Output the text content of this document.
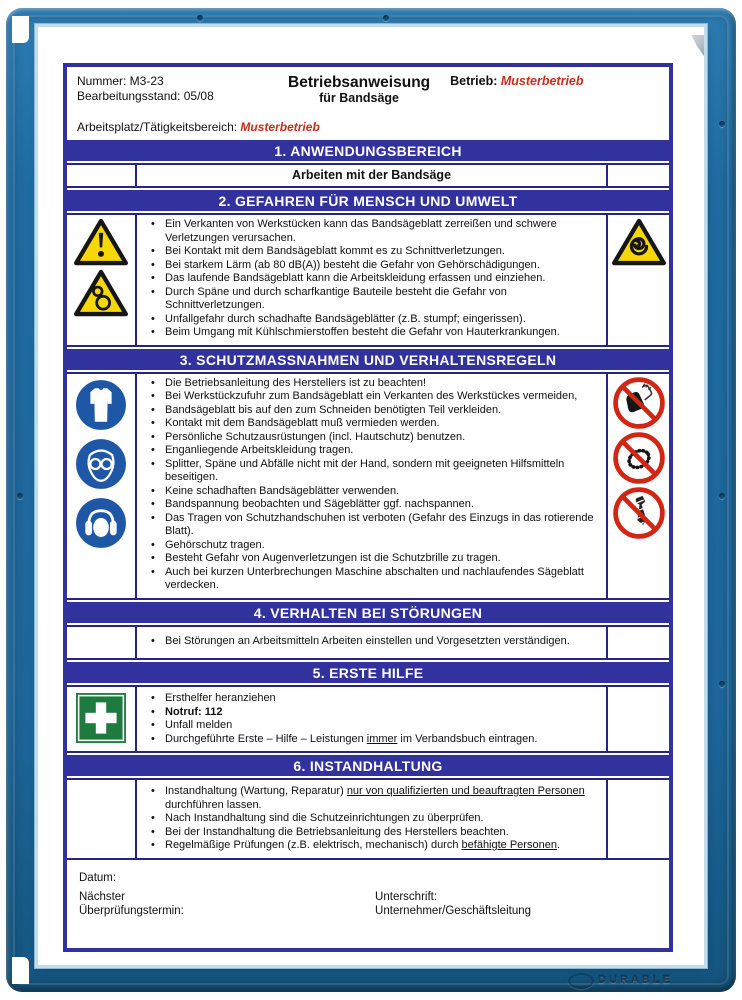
DURABLE
Nummer: M3-23
Bearbeitungsstand: 05/08
Betriebsanweisung
für Bandsäge
Betrieb: Musterbetrieb
Arbeitsplatz/Tätigkeitsbereich: Musterbetrieb
1. ANWENDUNGSBEREICH
Arbeiten mit der Bandsäge
2. GEFAHREN FÜR MENSCH UND UMWELT
• Ein Verkanten von Werkstücken kann das Bandsägeblatt zerreißen und schwere Verletzungen verursachen.
• Bei Kontakt mit dem Bandsägeblatt kommt es zu Schnittverletzungen.
• Bei starkem Lärm (ab 80 dB(A)) besteht die Gefahr von Gehörschädigungen.
• Das laufende Bandsägeblatt kann die Arbeitskleidung erfassen und einziehen.
• Durch Späne und durch scharfkantige Bauteile besteht die Gefahr von Schnittverletzungen.
• Unfallgefahr durch schadhafte Bandsägeblätter (z.B. stumpf; eingerissen).
• Beim Umgang mit Kühlschmierstoffen besteht die Gefahr von Hauterkrankungen.
3. SCHUTZMASSNAHMEN UND VERHALTENSREGELN
• Die Betriebsanleitung des Herstellers ist zu beachten!
• Bei Werkstückzufuhr zum Bandsägeblatt ein Verkanten des Werkstückes vermeiden,
• Bandsägeblatt bis auf den zum Schneiden benötigten Teil verkleiden.
• Kontakt mit dem Bandsägeblatt muß vermieden werden.
• Persönliche Schutzausrüstungen (incl. Hautschutz) benutzen.
• Enganliegende Arbeitskleidung tragen.
• Splitter, Späne und Abfälle nicht mit der Hand, sondern mit geeigneten Hilfsmitteln beseitigen.
• Keine schadhaften Bandsägeblätter verwenden.
• Bandspannung beobachten und Sägeblätter ggf. nachspannen.
• Das Tragen von Schutzhandschuhen ist verboten (Gefahr des Einzugs in das rotierende Blatt).
• Gehörschutz tragen.
• Besteht Gefahr von Augenverletzungen ist die Schutzbrille zu tragen.
• Auch bei kurzen Unterbrechungen Maschine abschalten und nachlaufendes Sägeblatt verdecken.
4. VERHALTEN BEI STÖRUNGEN
• Bei Störungen an Arbeitsmitteln Arbeiten einstellen und Vorgesetzten verständigen.
5. ERSTE HILFE
• Ersthelfer heranziehen
• Notruf: 112
• Unfall melden
• Durchgeführte Erste – Hilfe – Leistungen immer im Verbandsbuch eintragen.
6. INSTANDHALTUNG
• Instandhaltung (Wartung, Reparatur) nur von qualifizierten und beauftragten Personen durchführen lassen.
• Nach Instandhaltung sind die Schutzeinrichtungen zu überprüfen.
• Bei der Instandhaltung die Betriebsanleitung des Herstellers beachten.
• Regelmäßige Prüfungen (z.B. elektrisch, mechanisch) durch befähigte Personen.
Datum:
Nächster
Überprüfungstermin:
Unterschrift:
Unternehmer/Geschäftsleitung
